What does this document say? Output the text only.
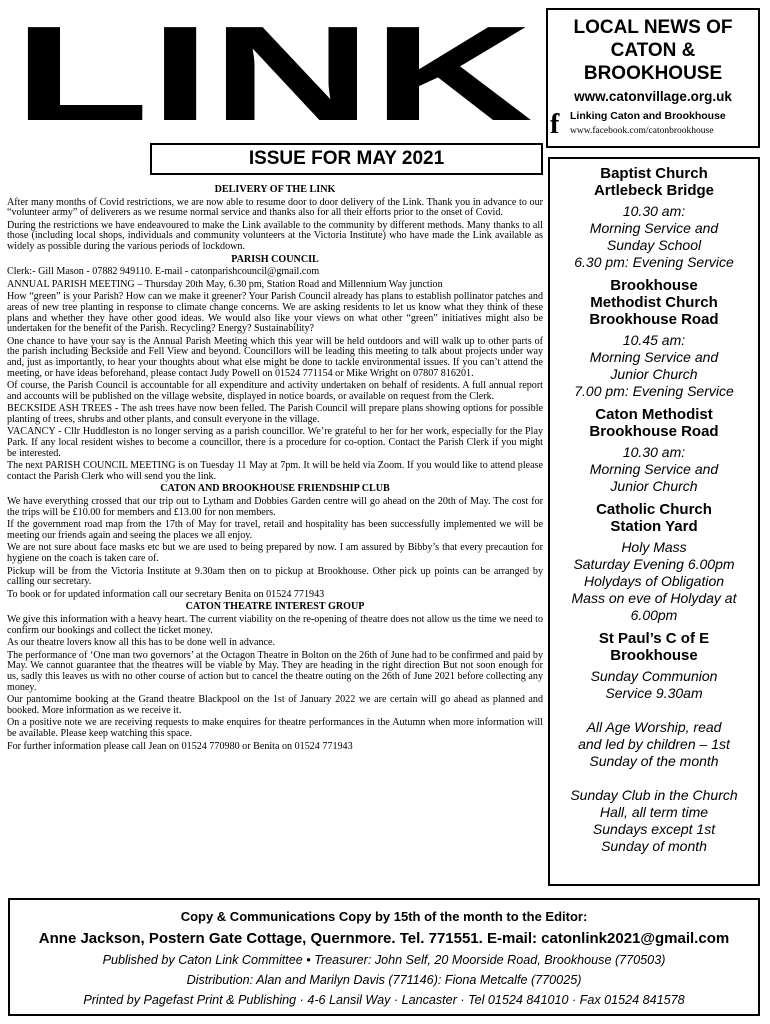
LINK	LOCAL NEWS OF
CATON &
BROOKHOUSE
www.catonvillage.org.uk
f Linking Caton and Brookhouse
www.facebook.com/catonbrookhouse
ISSUE FOR MAY 2021
DELIVERY OF THE LINK

After many months of Covid restrictions, we are now able to resume door to door delivery of the Link. Thank you in advance to our “volunteer army” of deliverers as we resume normal service and thanks also for all their efforts prior to the onset of Covid.

During the restrictions we have endeavoured to make the Link available to the community by different methods. Many thanks to all those (including local shops, individuals and community volunteers at the Victoria Institute) who have made the Link available as widely as possible during the various periods of lockdown.

PARISH COUNCIL

Clerk:- Gill Mason - 07882 949110. E-mail - catonparishcouncil@gmail.com

ANNUAL PARISH MEETING – Thursday 20th May, 6.30 pm, Station Road and Millennium Way junction

How “green” is your Parish? How can we make it greener? Your Parish Council already has plans to establish pollinator patches and areas of new tree planting in response to climate change concerns. We are asking residents to let us know what they think of these plans and whether they have other good ideas. We would also like your views on what other “green” initiatives might also be undertaken for the benefit of the Parish. Recycling? Energy? Sustainability?

One chance to have your say is the Annual Parish Meeting which this year will be held outdoors and will walk up to other parts of the parish including Beckside and Fell View and beyond. Councillors will be leading this meeting to talk about projects under way and, just as importantly, to hear your thoughts about what else might be done to tackle environmental issues. If you can’t attend the meeting, or have ideas beforehand, please contact Judy Powell on 01524 771154 or Mike Wright on 07807 816201.

Of course, the Parish Council is accountable for all expenditure and activity undertaken on behalf of residents. A full annual report and accounts will be published on the village website, displayed in notice boards, or available on request from the Clerk.

BECKSIDE ASH TREES - The ash trees have now been felled. The Parish Council will prepare plans showing options for possible planting of trees, shrubs and other plants, and consult everyone in the village.

VACANCY - Cllr Huddleston is no longer serving as a parish councillor. We’re grateful to her for her work, especially for the Play Park. If any local resident wishes to become a councillor, there is a procedure for co-option. Contact the Parish Clerk if you might be interested.

The next PARISH COUNCIL MEETING is on Tuesday 11 May at 7pm. It will be held via Zoom. If you would like to attend please contact the Parish Clerk who will send you the link.

CATON AND BROOKHOUSE FRIENDSHIP CLUB

We have everything crossed that our trip out to Lytham and Dobbies Garden centre will go ahead on the 20th of May. The cost for the trips will be £10.00 for members and £13.00 for non members.

If the government road map from the 17th of May for travel, retail and hospitality has been successfully implemented we will be meeting our friends again and seeing the places we all enjoy.

We are not sure about face masks etc but we are used to being prepared by now. I am assured by Bibby’s that every precaution for hygiene on the coach is taken care of.

Pickup will be from the Victoria Institute at 9.30am then on to pickup at Brookhouse. Other pick up points can be arranged by calling our secretary.

To book or for updated information call our secretary Benita on 01524 771943

CATON THEATRE INTEREST GROUP

We give this information with a heavy heart. The current viability on the re-opening of theatre does not allow us the time we need to confirm our bookings and collect the ticket money.

As our theatre lovers know all this has to be done well in advance.

The performance of ‘One man two governors’ at the Octagon Theatre in Bolton on the 26th of June had to be confirmed and paid by May. We cannot guarantee that the theatres will be viable by May. They are heading in the right direction But not soon enough for us, sadly this leaves us with no other course of action but to cancel the theatre outing on the 26th of June 2021 before collecting any money.

Our pantomime booking at the Grand theatre Blackpool on the 1st of January 2022 we are certain will go ahead as planned and booked. More information as we receive it.

On a positive note we are receiving requests to make enquires for theatre performances in the Autumn when more information will be available. Please keep watching this space.

For further information please call Jean on 01524 770980 or Benita on 01524 771943

Baptist Church
Artlebeck Bridge
10.30 am:
Morning Service and
Sunday School
6.30 pm: Evening Service
Brookhouse
Methodist Church
Brookhouse Road
10.45 am:
Morning Service and
Junior Church
7.00 pm: Evening Service
Caton Methodist
Brookhouse Road
10.30 am:
Morning Service and
Junior Church
Catholic Church
Station Yard
Holy Mass
Saturday Evening 6.00pm
Holydays of Obligation
Mass on eve of Holyday at
6.00pm
St Paul’s C of E
Brookhouse
Sunday Communion
Service 9.30am
All Age Worship, read
and led by children – 1st
Sunday of the month
Sunday Club in the Church
Hall, all term time
Sundays except 1st
Sunday of month
Copy & Communications Copy by 15th of the month to the Editor:
Anne Jackson, Postern Gate Cottage, Quernmore. Tel. 771551. E-mail: catonlink2021@gmail.com
Published by Caton Link Committee • Treasurer: John Self, 20 Moorside Road, Brookhouse (770503)
Distribution: Alan and Marilyn Davis (771146): Fiona Metcalfe (770025)
Printed by Pagefast Print & Publishing · 4-6 Lansil Way · Lancaster · Tel 01524 841010 · Fax 01524 841578
